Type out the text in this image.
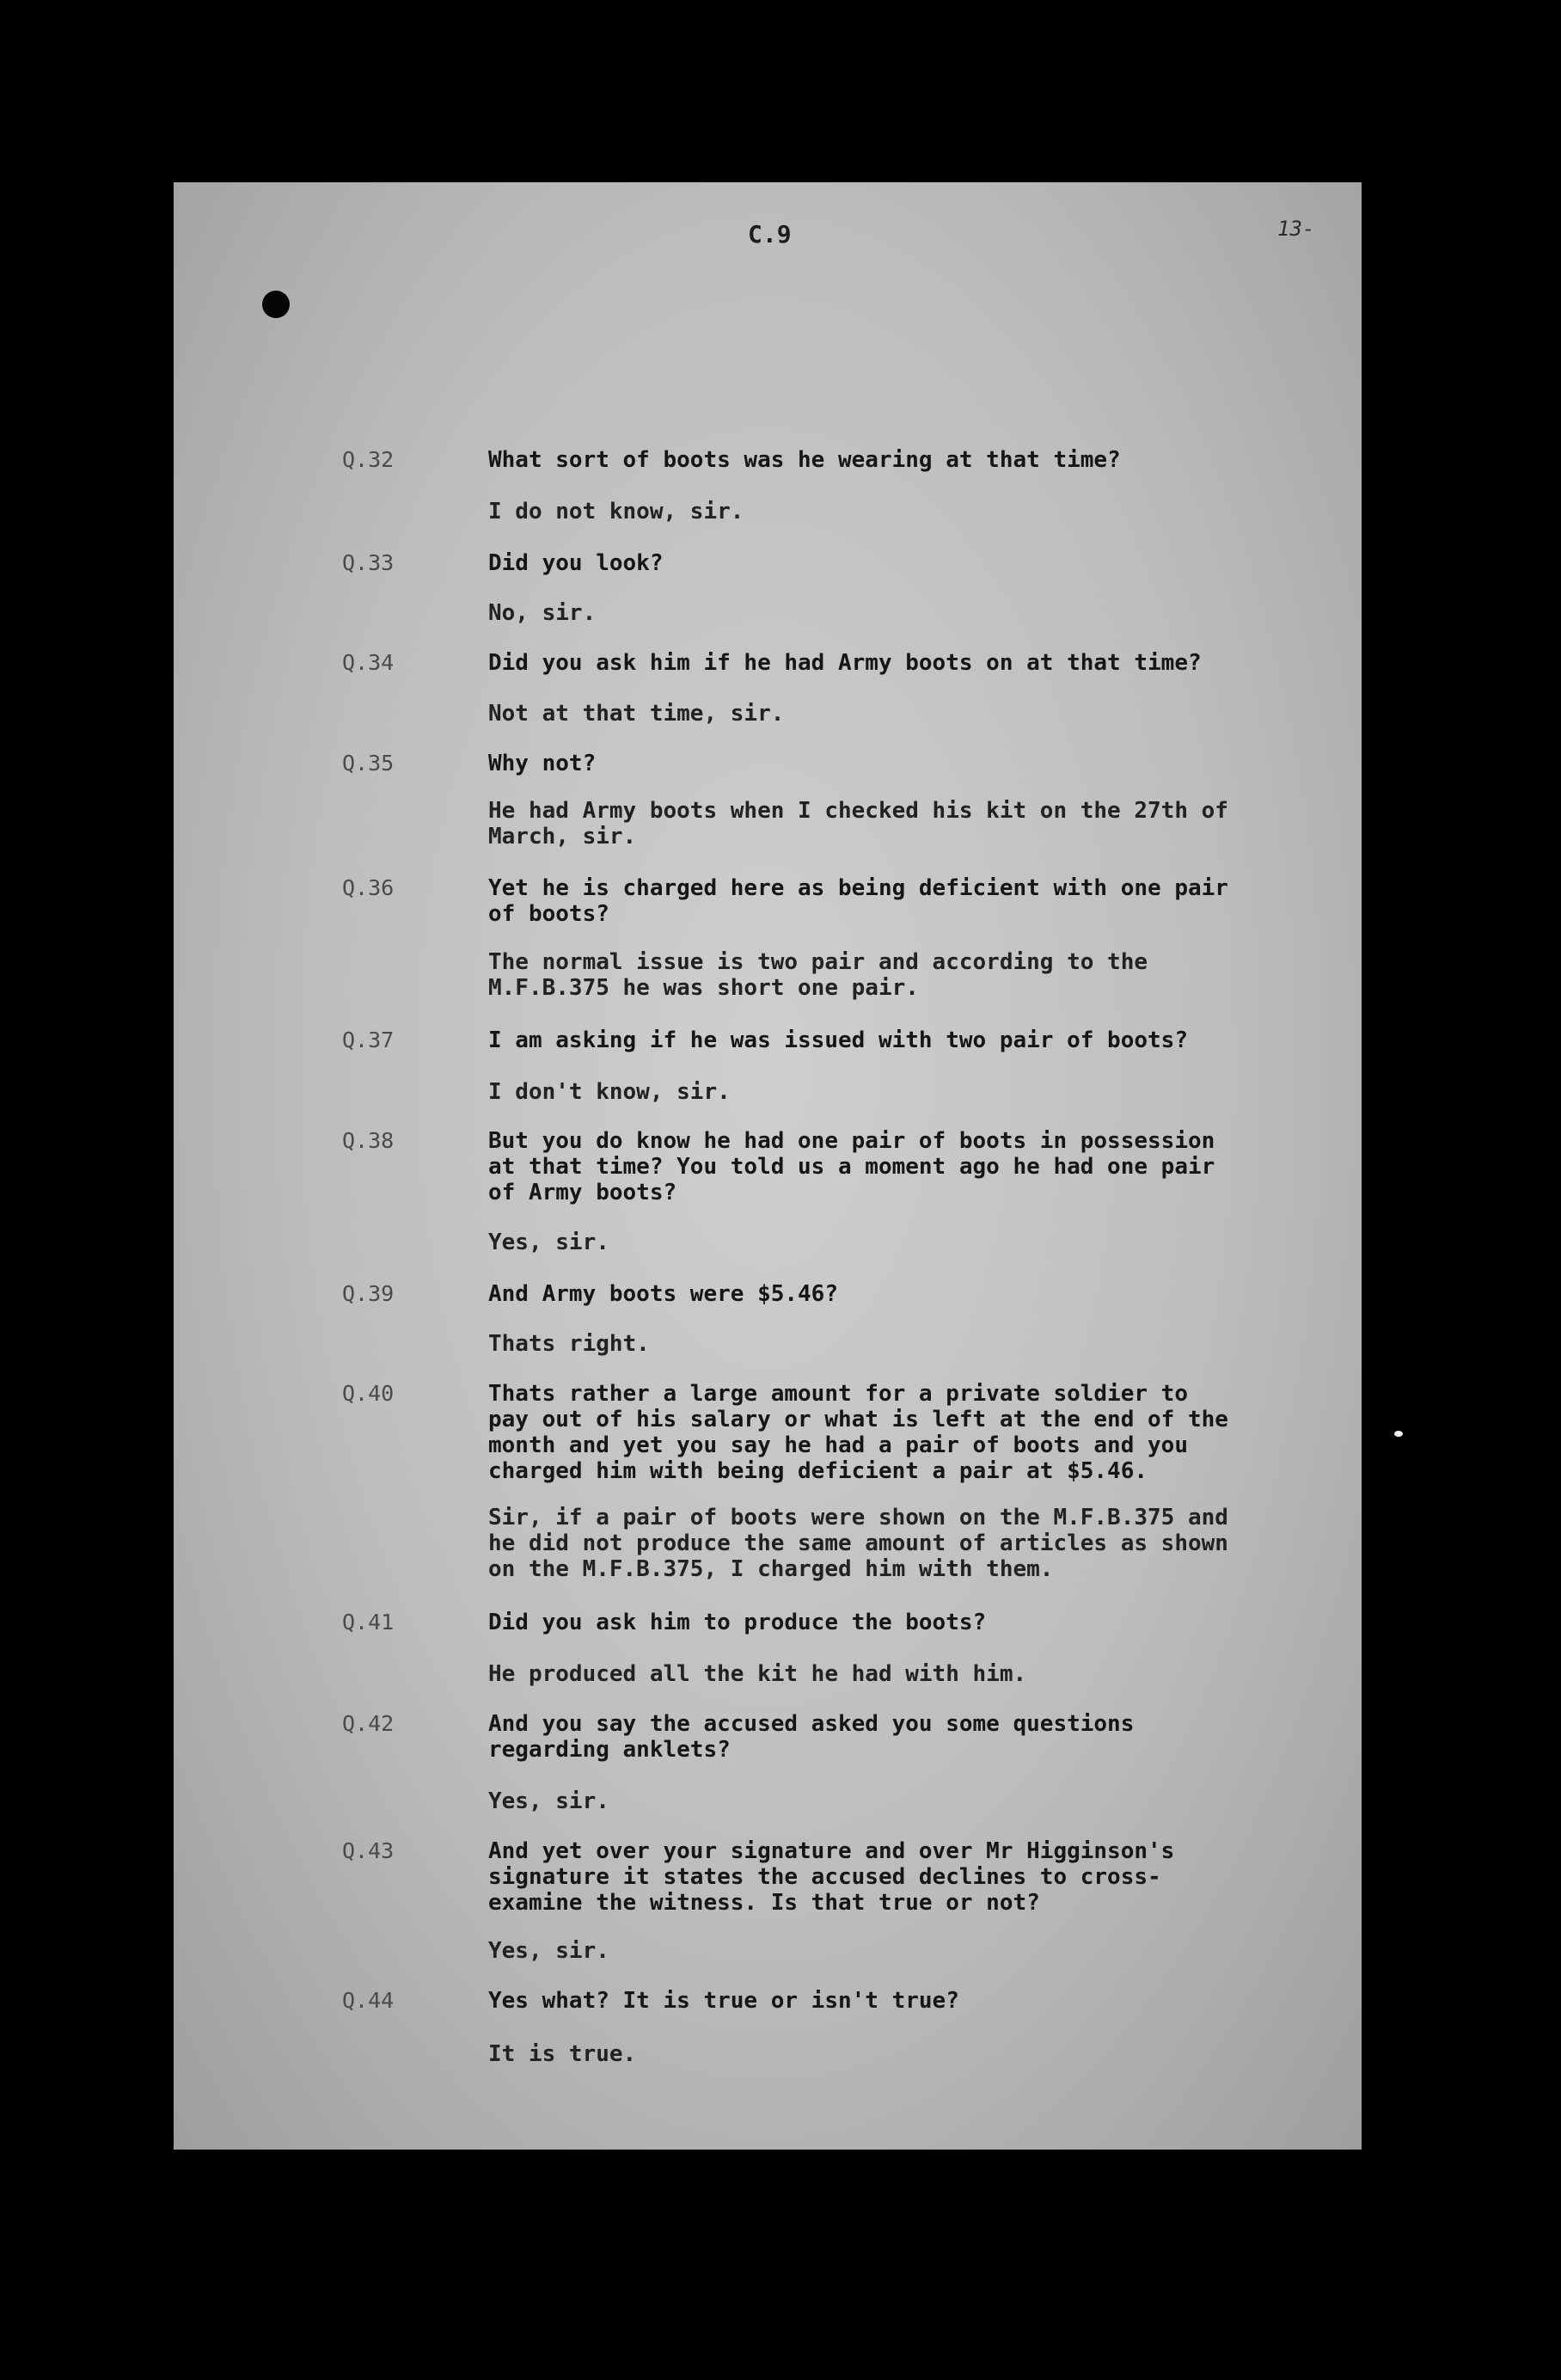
C.9	13-
Q.32	What sort of boots was he wearing at that time?
I do not know, sir.
Q.33	Did you look?
No, sir.
Q.34	Did you ask him if he had Army boots on at that time?
Not at that time, sir.
Q.35	Why not?
He had Army boots when I checked his kit on the 27th of
March, sir.
Q.36	Yet he is charged here as being deficient with one pair
of boots?
The normal issue is two pair and according to the
M.F.B.375 he was short one pair.
Q.37	I am asking if he was issued with two pair of boots?
I don't know, sir.
Q.38	But you do know he had one pair of boots in possession
at that time? You told us a moment ago he had one pair
of Army boots?
Yes, sir.
Q.39	And Army boots were $5.46?
Thats right.
Q.40	Thats rather a large amount for a private soldier to
pay out of his salary or what is left at the end of the
month and yet you say he had a pair of boots and you
charged him with being deficient a pair at $5.46.
Sir, if a pair of boots were shown on the M.F.B.375 and
he did not produce the same amount of articles as shown
on the M.F.B.375, I charged him with them.
Q.41	Did you ask him to produce the boots?
He produced all the kit he had with him.
Q.42	And you say the accused asked you some questions
regarding anklets?
Yes, sir.
Q.43	And yet over your signature and over Mr Higginson's
signature it states the accused declines to cross-
examine the witness. Is that true or not?
Yes, sir.
Q.44	Yes what? It is true or isn't true?
It is true.
